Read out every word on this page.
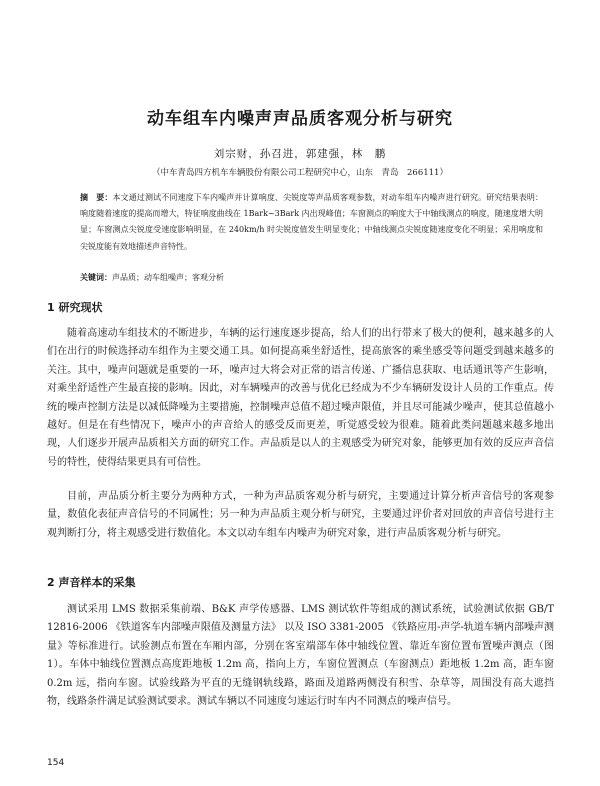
动车组车内噪声声品质客观分析与研究
刘宗财，孙召进，郭建强，林　鹏
（中车青岛四方机车车辆股份有限公司工程研究中心，山东　青岛　266111）
摘　要：本文通过测试不同速度下车内噪声并计算响度、尖锐度等声品质客观参数，对动车组车内噪声进行研究。研究结果表明：响度随着速度的提高而增大，特征响度曲线在 1Bark~3Bark 内出现峰值；车窗测点的响度大于中轴线测点的响度，随速度增大明显；车窗测点尖锐度受速度影响明显，在 240km/h 时尖锐度值发生明显变化；中轴线测点尖锐度随速度变化不明显；采用响度和尖锐度能有效地描述声音特性。
关键词：声品质；动车组噪声；客观分析
1 研究现状
随着高速动车组技术的不断进步，车辆的运行速度逐步提高，给人们的出行带来了极大的便利，越来越多的人们在出行的时候选择动车组作为主要交通工具。如何提高乘坐舒适性，提高旅客的乘坐感受等问题受到越来越多的关注。其中，噪声问题就是重要的一环，噪声过大将会对正常的语言传递、广播信息获取、电话通讯等产生影响，对乘坐舒适性产生最直接的影响。因此，对车辆噪声的改善与优化已经成为不少车辆研发设计人员的工作重点。传统的噪声控制方法是以减低降噪为主要措施，控制噪声总值不超过噪声限值，并且尽可能减少噪声，使其总值越小越好。但是在有些情况下，噪声小的声音给人的感受反而更差，听觉感受较为很难。随着此类问题越来越多地出现，人们逐步开展声品质相关方面的研究工作。声品质是以人的主观感受为研究对象，能够更加有效的反应声音信号的特性，使得结果更具有可信性。
目前，声品质分析主要分为两种方式，一种为声品质客观分析与研究，主要通过计算分析声音信号的客观参量，数值化表征声音信号的不同属性；另一种为声品质主观分析与研究，主要通过评价者对回放的声音信号进行主观判断打分，将主观感受进行数值化。本文以动车组车内噪声为研究对象，进行声品质客观分析与研究。
2 声音样本的采集
测试采用 LMS 数据采集前端、B&K 声学传感器、LMS 测试软件等组成的测试系统，试验测试依据 GB/T 12816-2006 《铁道客车内部噪声限值及测量方法》 以及 ISO 3381-2005 《铁路应用-声学-轨道车辆内部噪声测量》等标准进行。试验测点布置在车厢内部，分别在客室端部车体中轴线位置、靠近车窗位置布置噪声测点（图 1）。车体中轴线位置测点高度距地板 1.2m 高，指向上方，车窗位置测点（车窗测点）距地板 1.2m 高，距车窗 0.2m 远，指向车窗。试验线路为平直的无缝钢轨线路，路面及道路两侧没有积雪、杂草等，周围没有高大遮挡物，线路条件满足试验测试要求。测试车辆以不同速度匀速运行时车内不同测点的噪声信号。
154
